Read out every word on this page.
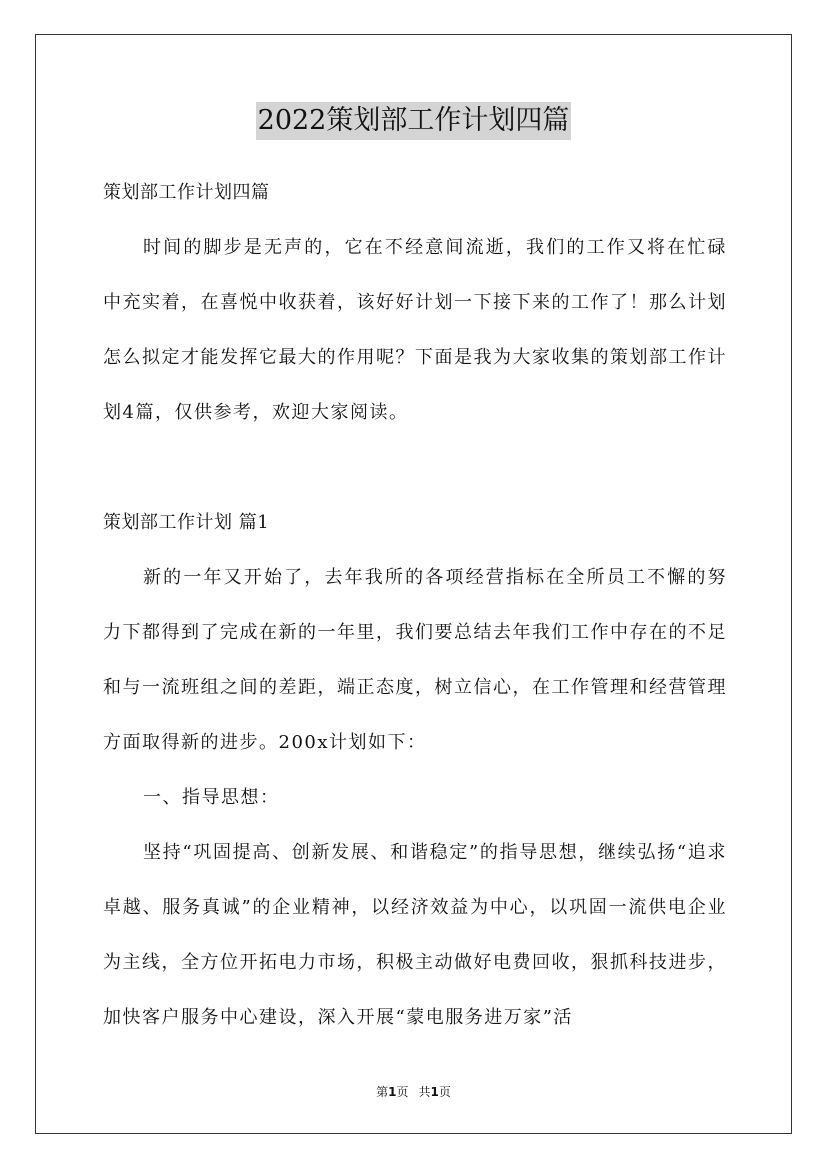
2022策划部工作计划四篇

策划部工作计划四篇

时间的脚步是无声的，它在不经意间流逝，我们的工作又将在忙碌中充实着，在喜悦中收获着，该好好计划一下接下来的工作了！那么计划怎么拟定才能发挥它最大的作用呢？下面是我为大家收集的策划部工作计划4篇，仅供参考，欢迎大家阅读。

策划部工作计划 篇1

新的一年又开始了，去年我所的各项经营指标在全所员工不懈的努力下都得到了完成在新的一年里，我们要总结去年我们工作中存在的不足和与一流班组之间的差距，端正态度，树立信心，在工作管理和经营管理方面取得新的进步。200x计划如下：

一、指导思想：

坚持“巩固提高、创新发展、和谐稳定”的指导思想，继续弘扬“追求卓越、服务真诚”的企业精神，以经济效益为中心，以巩固一流供电企业为主线，全方位开拓电力市场，积极主动做好电费回收，狠抓科技进步，加快客户服务中心建设，深入开展“蒙电服务进万家”活

第1页 共1页
